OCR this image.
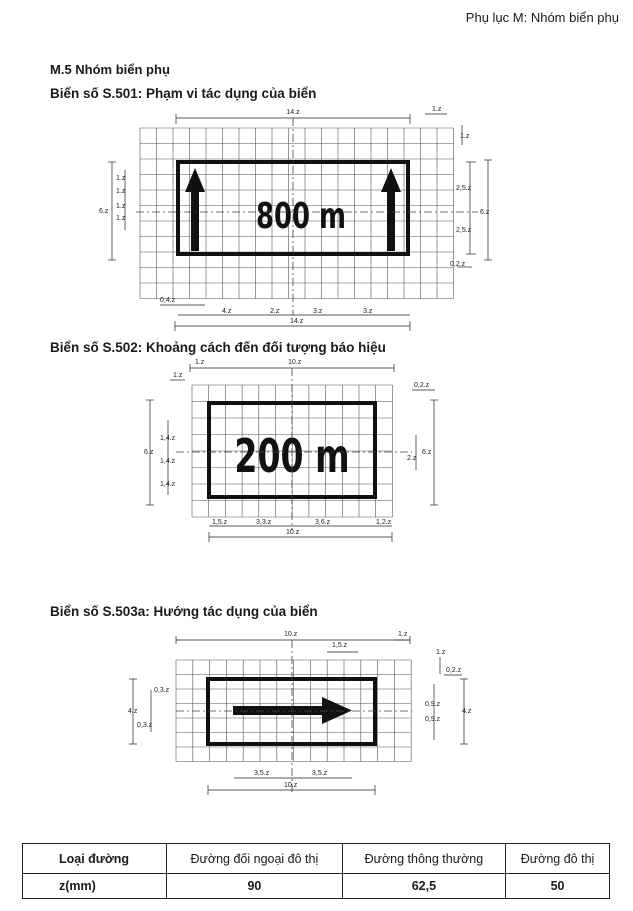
Phụ lục M: Nhóm biển phụ
M.5 Nhóm biển phụ
Biển số S.501: Phạm vi tác dụng của biển
Biển số S.502: Khoảng cách đến đối tượng báo hiệu
Biển số S.503a: Hướng tác dụng của biển
800 m
14.z	1.z
1.z
2,5.z
6.z
2,5.z
0,2.z
1.z
1.z
6.z
1.z
1.z
0,4.z
4.z	2.z	3.z	3.z
14.z
200 m
10.z
1.z
1.z
0,2.z
6.z
1,4.z
1,4.z
1,4.z
2.z
6.z
1,5.z	3,3.z	3,6.z	1,2.z
10.z
10.z
1,5.z
1.z
1.z
0,2.z
4.z
0,3.z
0,3.z
0,9.z
0,9.z
4.z
3,5.z	3,5.z
10.z
Loại đường	Đường đối ngoại đô thị	Đường thông thường	Đường đô thị
z(mm)	90	62,5	50
